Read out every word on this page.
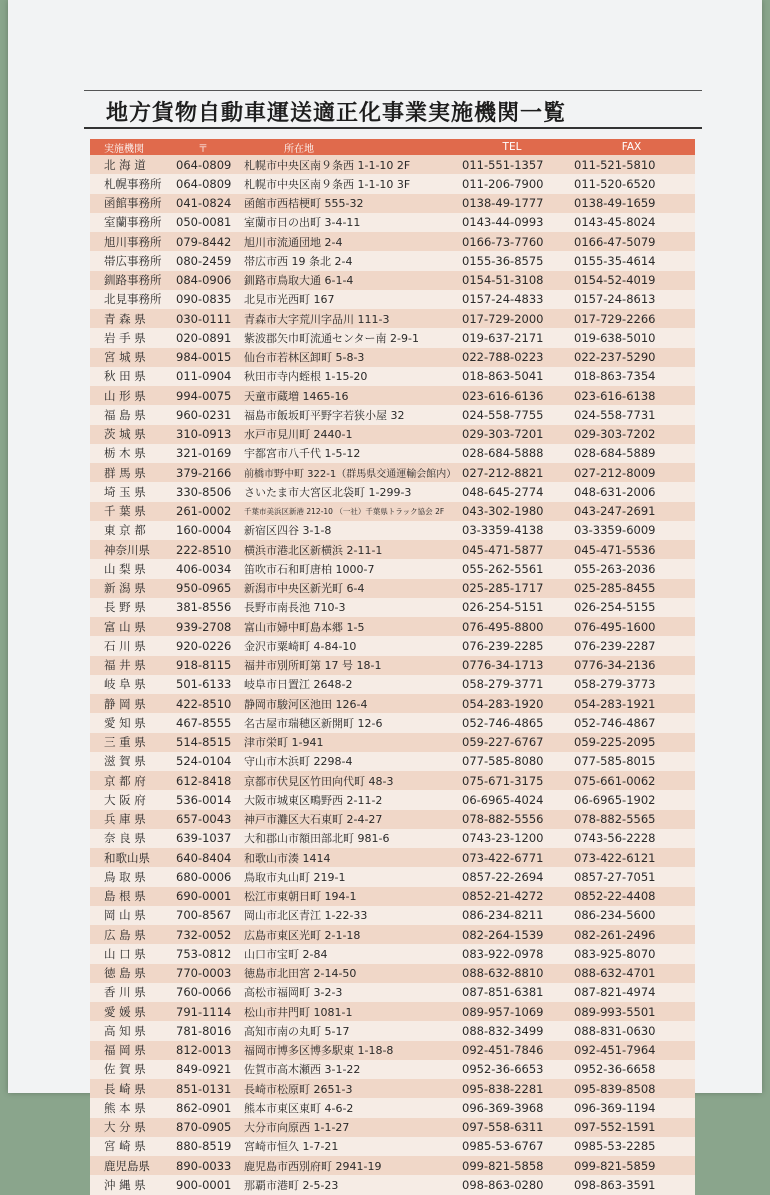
地方貨物自動車運送適正化事業実施機関一覧
実施機関	〒	所在地	TEL	FAX
北 海 道	064-0809	札幌市中央区南９条西 1-1-10 2F	011-551-1357	011-521-5810
札幌事務所	064-0809	札幌市中央区南９条西 1-1-10 3F	011-206-7900	011-520-6520
函館事務所	041-0824	函館市西桔梗町 555-32	0138-49-1777	0138-49-1659
室蘭事務所	050-0081	室蘭市日の出町 3-4-11	0143-44-0993	0143-45-8024
旭川事務所	079-8442	旭川市流通団地 2-4	0166-73-7760	0166-47-5079
帯広事務所	080-2459	帯広市西 19 条北 2-4	0155-36-8575	0155-35-4614
釧路事務所	084-0906	釧路市鳥取大通 6-1-4	0154-51-3108	0154-52-4019
北見事務所	090-0835	北見市光西町 167	0157-24-4833	0157-24-8613
青 森 県	030-0111	青森市大字荒川字品川 111-3	017-729-2000	017-729-2266
岩 手 県	020-0891	紫波郡矢巾町流通センター南 2-9-1	019-637-2171	019-638-5010
宮 城 県	984-0015	仙台市若林区卸町 5-8-3	022-788-0223	022-237-5290
秋 田 県	011-0904	秋田市寺内蛭根 1-15-20	018-863-5041	018-863-7354
山 形 県	994-0075	天童市蔵増 1465-16	023-616-6136	023-616-6138
福 島 県	960-0231	福島市飯坂町平野字若狭小屋 32	024-558-7755	024-558-7731
茨 城 県	310-0913	水戸市見川町 2440-1	029-303-7201	029-303-7202
栃 木 県	321-0169	宇都宮市八千代 1-5-12	028-684-5888	028-684-5889
群 馬 県	379-2166	前橋市野中町 322-1（群馬県交通運輸会館内）	027-212-8821	027-212-8009
埼 玉 県	330-8506	さいたま市大宮区北袋町 1-299-3	048-645-2774	048-631-2006
千 葉 県	261-0002	千葉市美浜区新港 212-10 （一社）千葉県トラック協会 2F	043-302-1980	043-247-2691
東 京 都	160-0004	新宿区四谷 3-1-8	03-3359-4138	03-3359-6009
神奈川県	222-8510	横浜市港北区新横浜 2-11-1	045-471-5877	045-471-5536
山 梨 県	406-0034	笛吹市石和町唐柏 1000-7	055-262-5561	055-263-2036
新 潟 県	950-0965	新潟市中央区新光町 6-4	025-285-1717	025-285-8455
長 野 県	381-8556	長野市南長池 710-3	026-254-5151	026-254-5155
富 山 県	939-2708	富山市婦中町島本郷 1-5	076-495-8800	076-495-1600
石 川 県	920-0226	金沢市粟崎町 4-84-10	076-239-2285	076-239-2287
福 井 県	918-8115	福井市別所町第 17 号 18-1	0776-34-1713	0776-34-2136
岐 阜 県	501-6133	岐阜市日置江 2648-2	058-279-3771	058-279-3773
静 岡 県	422-8510	静岡市駿河区池田 126-4	054-283-1920	054-283-1921
愛 知 県	467-8555	名古屋市瑞穂区新開町 12-6	052-746-4865	052-746-4867
三 重 県	514-8515	津市栄町 1-941	059-227-6767	059-225-2095
滋 賀 県	524-0104	守山市木浜町 2298-4	077-585-8080	077-585-8015
京 都 府	612-8418	京都市伏見区竹田向代町 48-3	075-671-3175	075-661-0062
大 阪 府	536-0014	大阪市城東区鴫野西 2-11-2	06-6965-4024	06-6965-1902
兵 庫 県	657-0043	神戸市灘区大石東町 2-4-27	078-882-5556	078-882-5565
奈 良 県	639-1037	大和郡山市額田部北町 981-6	0743-23-1200	0743-56-2228
和歌山県	640-8404	和歌山市湊 1414	073-422-6771	073-422-6121
鳥 取 県	680-0006	鳥取市丸山町 219-1	0857-22-2694	0857-27-7051
島 根 県	690-0001	松江市東朝日町 194-1	0852-21-4272	0852-22-4408
岡 山 県	700-8567	岡山市北区青江 1-22-33	086-234-8211	086-234-5600
広 島 県	732-0052	広島市東区光町 2-1-18	082-264-1539	082-261-2496
山 口 県	753-0812	山口市宝町 2-84	083-922-0978	083-925-8070
徳 島 県	770-0003	徳島市北田宮 2-14-50	088-632-8810	088-632-4701
香 川 県	760-0066	高松市福岡町 3-2-3	087-851-6381	087-821-4974
愛 媛 県	791-1114	松山市井門町 1081-1	089-957-1069	089-993-5501
高 知 県	781-8016	高知市南の丸町 5-17	088-832-3499	088-831-0630
福 岡 県	812-0013	福岡市博多区博多駅東 1-18-8	092-451-7846	092-451-7964
佐 賀 県	849-0921	佐賀市高木瀬西 3-1-22	0952-36-6653	0952-36-6658
長 崎 県	851-0131	長崎市松原町 2651-3	095-838-2281	095-839-8508
熊 本 県	862-0901	熊本市東区東町 4-6-2	096-369-3968	096-369-1194
大 分 県	870-0905	大分市向原西 1-1-27	097-558-6311	097-552-1591
宮 崎 県	880-8519	宮崎市恒久 1-7-21	0985-53-6767	0985-53-2285
鹿児島県	890-0033	鹿児島市西別府町 2941-19	099-821-5858	099-821-5859
沖 縄 県	900-0001	那覇市港町 2-5-23	098-863-0280	098-863-3591
